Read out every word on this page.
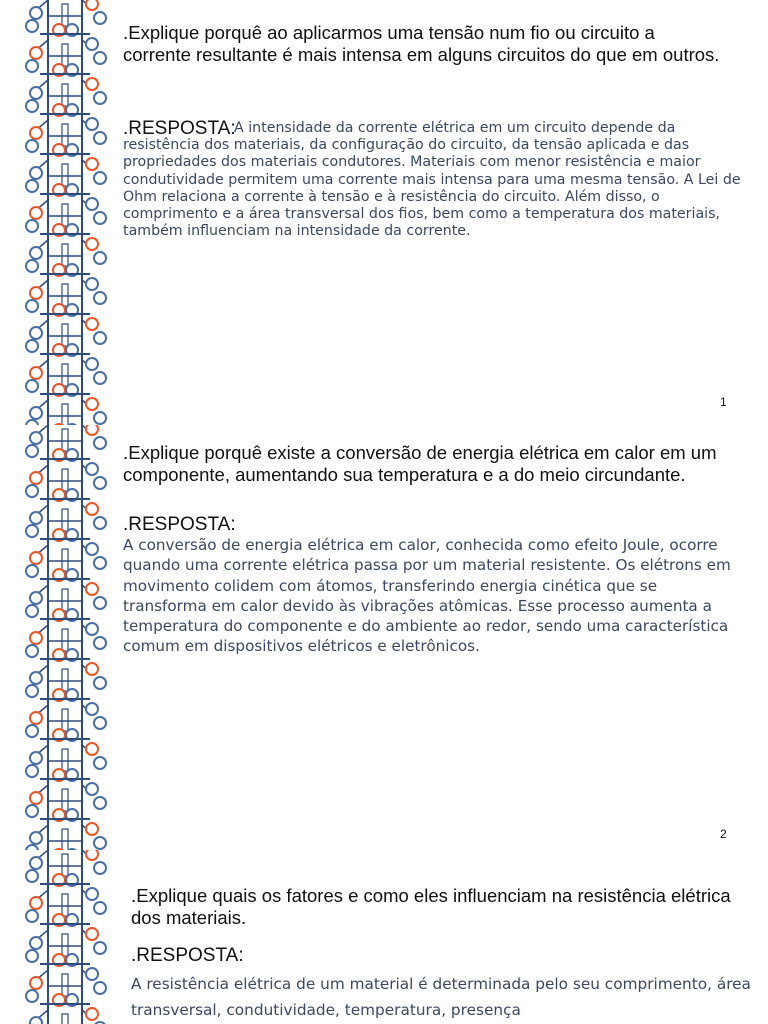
.Explique porquê ao aplicarmos uma tensão num fio ou circuito a corrente resultante é mais intensa em alguns circuitos do que em outros.

.RESPOSTA:

A intensidade da corrente elétrica em um circuito depende da resistência dos materiais, da configuração do circuito, da tensão aplicada e das propriedades dos materiais condutores. Materiais com menor resistência e maior condutividade permitem uma corrente mais intensa para uma mesma tensão. A Lei de Ohm relaciona a corrente à tensão e à resistência do circuito. Além disso, o comprimento e a área transversal dos fios, bem como a temperatura dos materiais, também influenciam na intensidade da corrente.

1

.Explique porquê existe a conversão de energia elétrica em calor em um componente, aumentando sua temperatura e a do meio circundante.

.RESPOSTA:

A conversão de energia elétrica em calor, conhecida como efeito Joule, ocorre quando uma corrente elétrica passa por um material resistente. Os elétrons em movimento colidem com átomos, transferindo energia cinética que se transforma em calor devido às vibrações atômicas. Esse processo aumenta a temperatura do componente e do ambiente ao redor, sendo uma característica comum em dispositivos elétricos e eletrônicos.

2

.Explique quais os fatores e como eles influenciam na resistência elétrica dos materiais.

.RESPOSTA:

A resistência elétrica de um material é determinada pelo seu comprimento, área transversal, condutividade, temperatura, presença
